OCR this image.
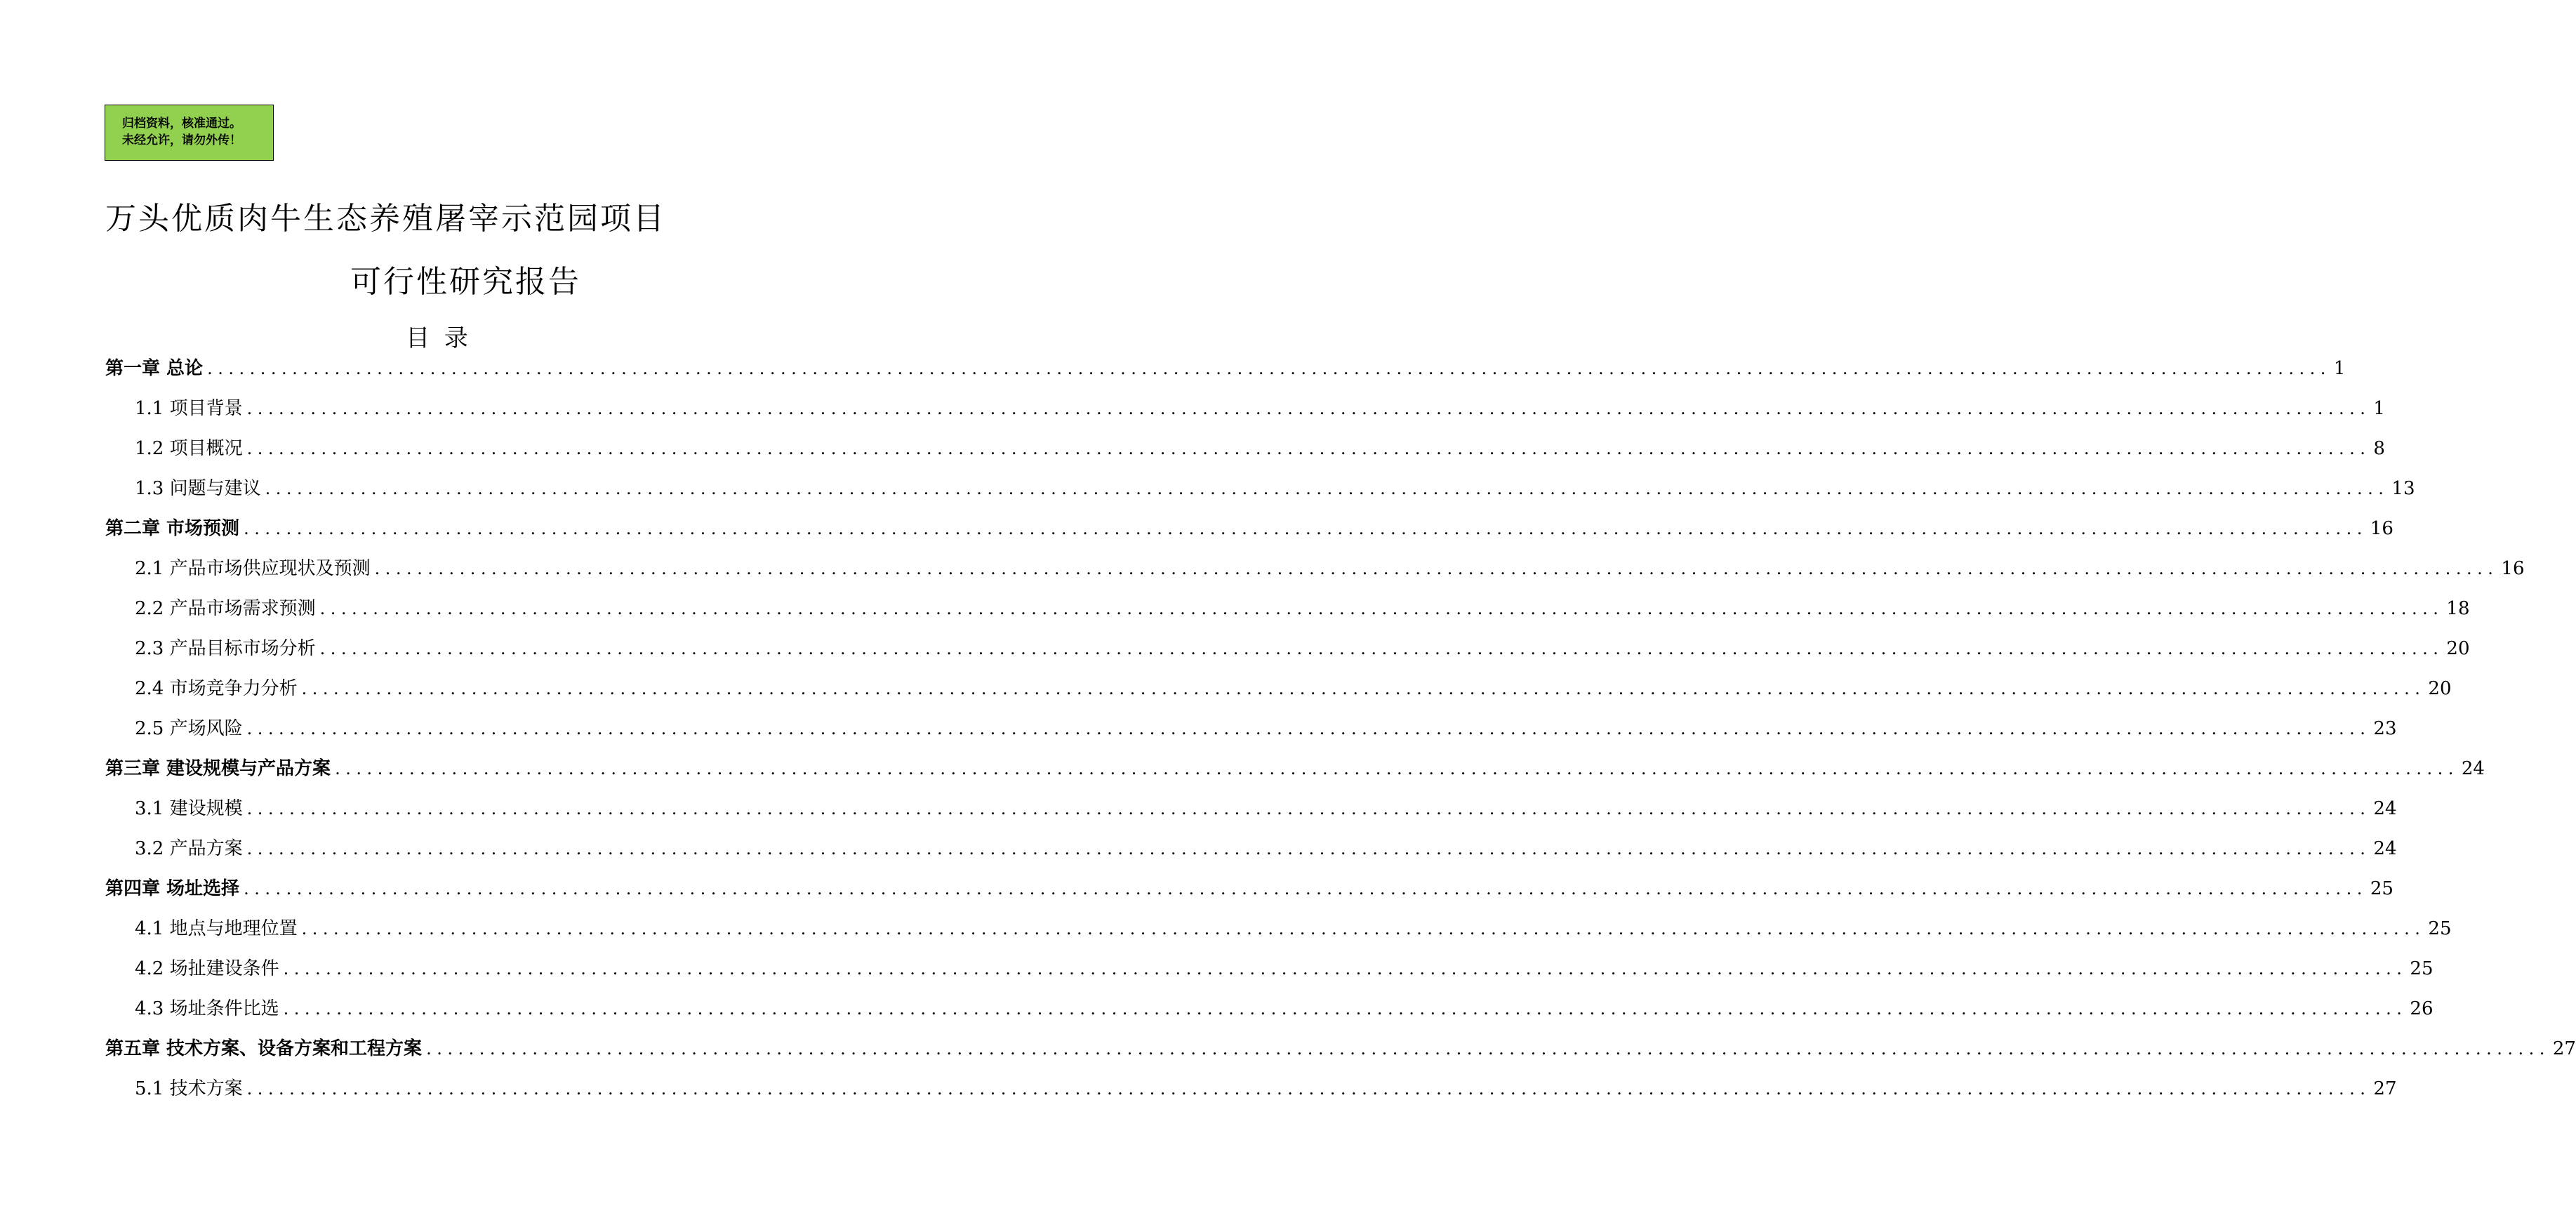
归档资料，核准通过。
未经允许，请勿外传！
万头优质肉牛生态养殖屠宰示范园项目
可行性研究报告
目 录
第一章 总论 ........................................................................................................................................................................................................ 1
1.1 项目背景 ........................................................................................................................................................................................................ 1
1.2 项目概况 ........................................................................................................................................................................................................ 8
1.3 问题与建议 ........................................................................................................................................................................................................ 13
第二章 市场预测 ........................................................................................................................................................................................................ 16
2.1 产品市场供应现状及预测 ........................................................................................................................................................................................................ 16
2.2 产品市场需求预测 ........................................................................................................................................................................................................ 18
2.3 产品目标市场分析 ........................................................................................................................................................................................................ 20
2.4 市场竞争力分析 ........................................................................................................................................................................................................ 20
2.5 产场风险 ........................................................................................................................................................................................................ 23
第三章 建设规模与产品方案 ........................................................................................................................................................................................................ 24
3.1 建设规模 ........................................................................................................................................................................................................ 24
3.2 产品方案 ........................................................................................................................................................................................................ 24
第四章 场址选择 ........................................................................................................................................................................................................ 25
4.1 地点与地理位置 ........................................................................................................................................................................................................ 25
4.2 场扯建设条件 ........................................................................................................................................................................................................ 25
4.3 场址条件比选 ........................................................................................................................................................................................................ 26
第五章 技术方案、设备方案和工程方案 ........................................................................................................................................................................................................ 27
5.1 技术方案 ........................................................................................................................................................................................................ 27
